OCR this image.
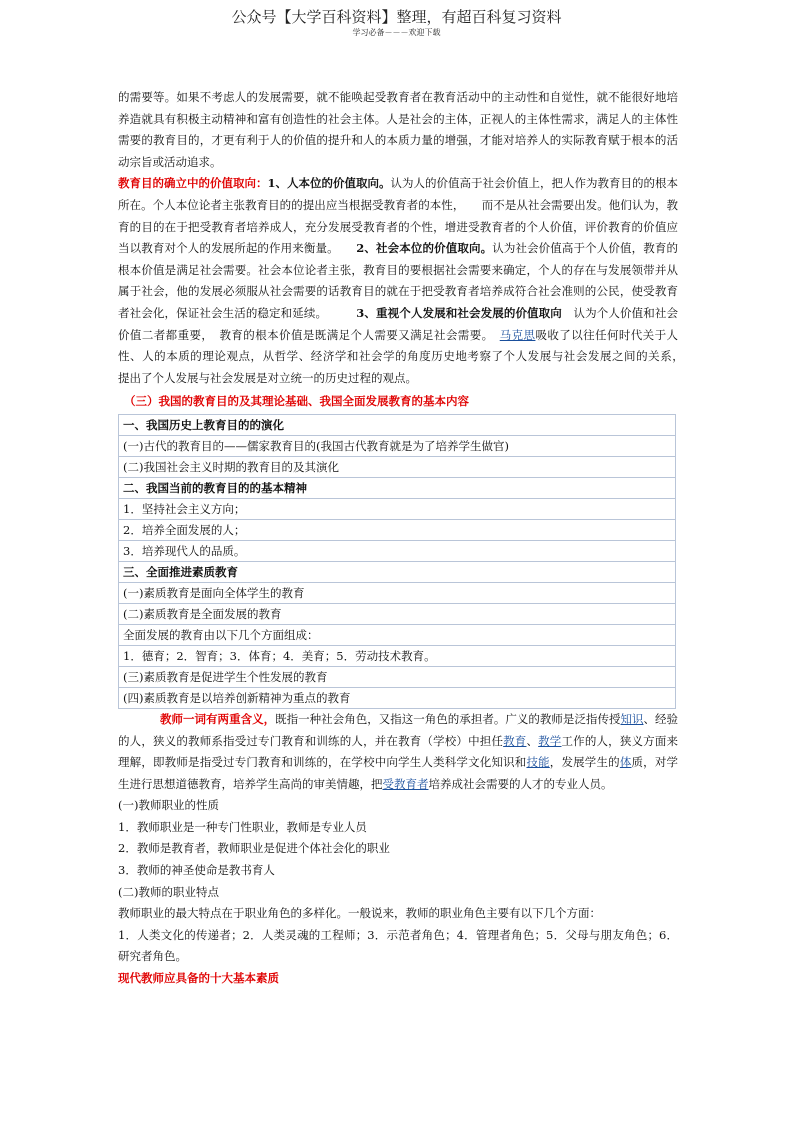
公众号【大学百科资料】整理，有超百科复习资料
学习必备－－－欢迎下载

的需要等。如果不考虑人的发展需要，就不能唤起受教育者在教育活动中的主动性和自觉性，就不能很好地培养造就具有积极主动精神和富有创造性的社会主体。人是社会的主体，正视人的主体性需求，满足人的主体性需要的教育目的，才更有利于人的价值的提升和人的本质力量的增强，才能对培养人的实际教育赋于根本的活动宗旨或活动追求。

教育目的确立中的价值取向：1、人本位的价值取向。认为人的价值高于社会价值上，把人作为教育目的的根本所在。个人本位论者主张教育目的的提出应当根据受教育者的本性，　　而不是从社会需要出发。他们认为，教育的目的在于把受教育者培养成人，充分发展受教育者的个性，增进受教育者的个人价值，评价教育的价值应当以教育对个人的发展所起的作用来衡量。　　2、社会本位的价值取向。认为社会价值高于个人价值，教育的根本价值是满足社会需要。社会本位论者主张，教育目的要根据社会需要来确定，个人的存在与发展领带并从属于社会，他的发展必须服从社会需要的话教育目的就在于把受教育者培养成符合社会准则的公民，使受教育者社会化，保证社会生活的稳定和延续。　　　3、重视个人发展和社会发展的价值取向　 认为个人价值和社会价值二者都重要，　教育的根本价值是既满足个人需要又满足社会需要。　 马克思吸收了以往任何时代关于人性、人的本质的理论观点，从哲学、经济学和社会学的角度历史地考察了个人发展与社会发展之间的关系，　　提出了个人发展与社会发展是对立统一的历史过程的观点。

（三）我国的教育目的及其理论基础、我国全面发展教育的基本内容
一、我国历史上教育目的的演化
(一)古代的教育目的——儒家教育目的(我国古代教育就是为了培养学生做官)
(二)我国社会主义时期的教育目的及其演化
二、我国当前的教育目的的基本精神
1．坚持社会主义方向；
2．培养全面发展的人；
3．培养现代人的品质。
三、全面推进素质教育
(一)素质教育是面向全体学生的教育
(二)素质教育是全面发展的教育
全面发展的教育由以下几个方面组成：
1．德育；2．智育；3．体育；4．美育；5．劳动技术教育。
(三)素质教育是促进学生个性发展的教育
(四)素质教育是以培养创新精神为重点的教育

教师一词有两重含义，既指一种社会角色，又指这一角色的承担者。广义的教师是泛指传授知识、经验的人，狭义的教师系指受过专门教育和训练的人，并在教育（学校）中担任教育、教学工作的人，狭义方面来理解，即教师是指受过专门教育和训练的，在学校中向学生人类科学文化知识和技能，发展学生的体质，对学生进行思想道德教育，培养学生高尚的审美情趣，把受教育者培养成社会需要的人才的专业人员。

(一)教师职业的性质

1．教师职业是一种专门性职业，教师是专业人员

2．教师是教育者，教师职业是促进个体社会化的职业

3．教师的神圣使命是教书育人

(二)教师的职业特点

教师职业的最大特点在于职业角色的多样化。一般说来，教师的职业角色主要有以下几个方面：

1．人类文化的传递者；2．人类灵魂的工程师；3．示范者角色；4．管理者角色；5．父母与朋友角色；6．研究者角色。

现代教师应具备的十大基本素质
